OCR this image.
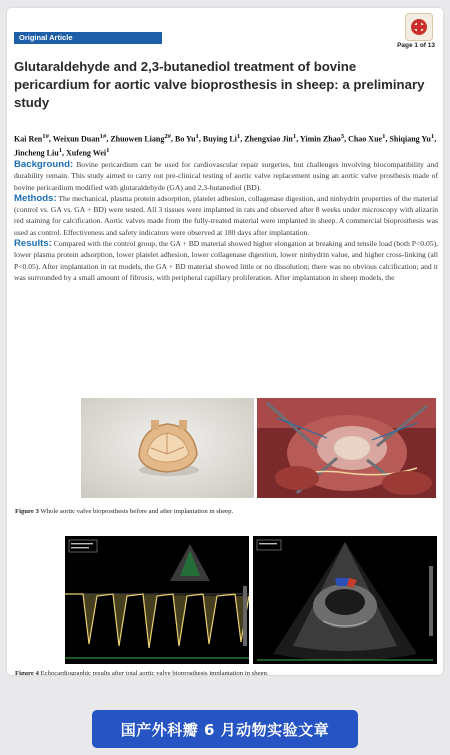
Original Article
Page 1 of 13
Glutaraldehyde and 2,3-butanediol treatment of bovine pericardium for aortic valve bioprosthesis in sheep: a preliminary study
Kai Ren$^{1\#}$, Weixun Duan$^{1\#}$, Zhuowen Liang$^{2\#}$, Bo Yu$^1$, Buying Li$^1$, Zhengxiao Jin$^1$, Yimin Zhao$^3$, Chao Xue$^1$, Shiqiang Yu$^1$, Jincheng Liu$^1$, Xufeng Wei$^1$

Background: Bovine pericardium can be used for cardiovascular repair surgeries, but challenges involving biocompatibility and durability remain. This study aimed to carry out pre-clinical testing of aortic valve replacement using an aortic valve prosthesis made of bovine pericardium modified with glutaraldehyde (GA) and 2,3-butanediol (BD).

Methods: The mechanical, plasma protein adsorption, platelet adhesion, collagenase digestion, and ninhydrin properties of the material (control vs. GA vs. GA + BD) were tested. All 3 tissues were implanted in rats and observed after 8 weeks under microscopy with alizarin red staining for calcification. Aortic valves made from the fully-treated material were implanted in sheep. A commercial bioprosthesis was used as control. Effectiveness and safety indicators were observed at 180 days after implantation.

Results: Compared with the control group, the GA + BD material showed higher elongation at breaking and tensile load (both P<0.05), lower plasma protein adsorption, lower platelet adhesion, lower collagenase digestion, lower ninhydrin value, and higher cross-linking (all P<0.05). After implantation in rat models, the GA + BD material showed little or no dissolution; there was no obvious calcification; and it was surrounded by a small amount of fibrosis, with peripheral capillary proliferation. After implantation in sheep models, the

Figure 3 Whole aortic valve bioprosthesis before and after implantation in sheep.
Figure 4 Echocardiographic results after total aortic valve bioprosthesis implantation in sheep.
国产外科瓣 6 月动物实验文章
